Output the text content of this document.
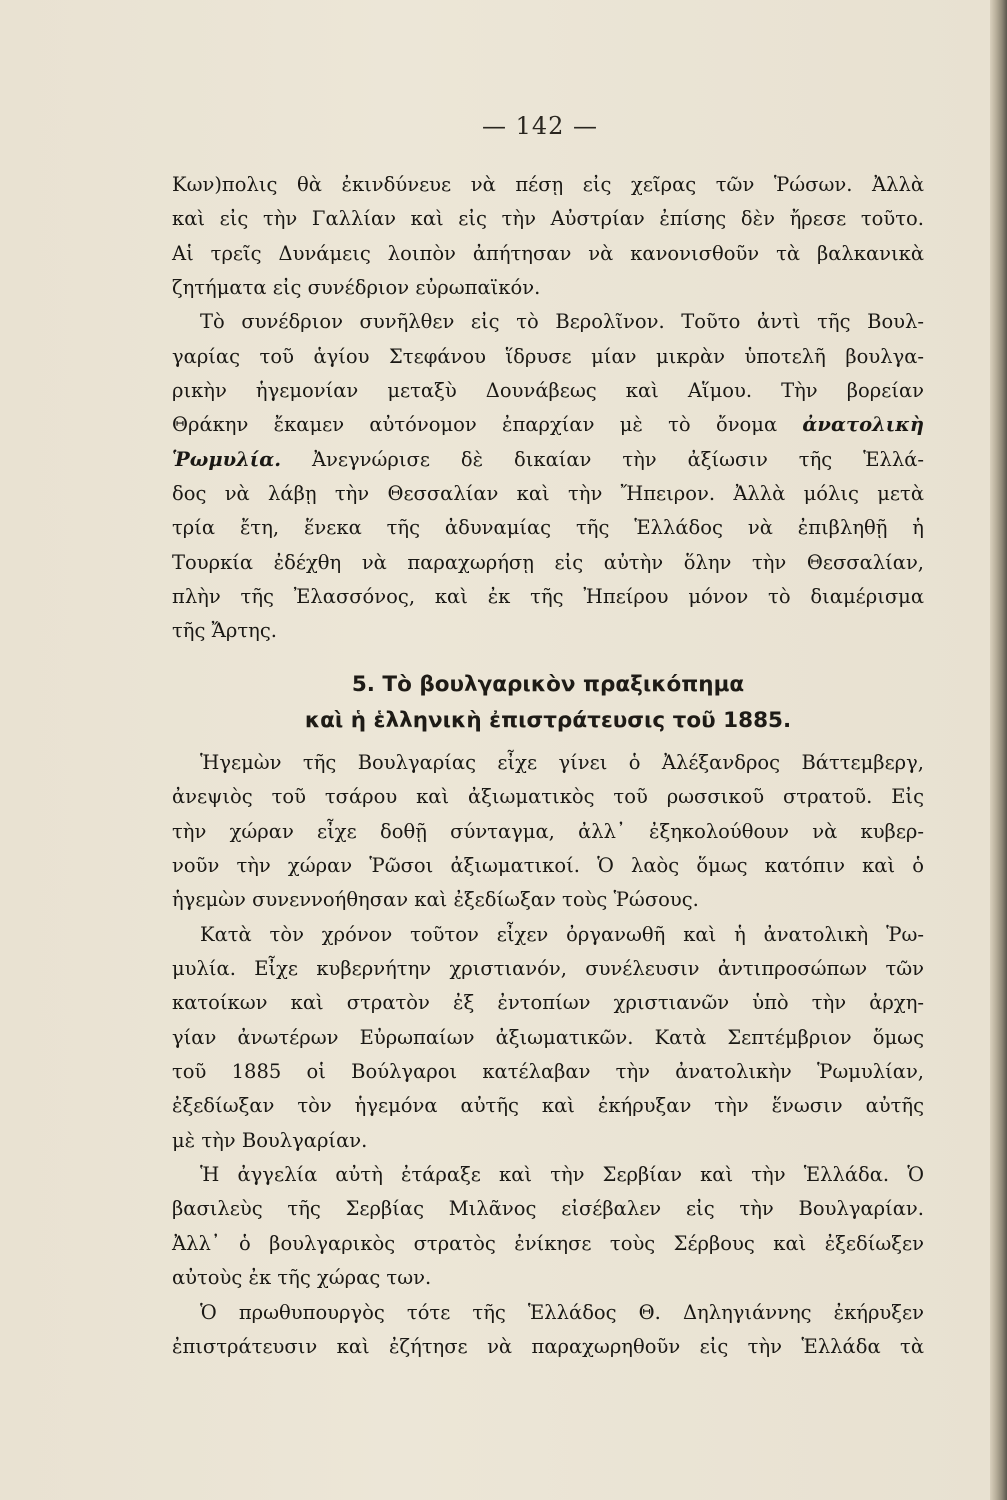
— 142 —

Κων)πολις θὰ ἐκινδύνευε νὰ πέσῃ εἰς χεῖρας τῶν Ῥώσων. Ἀλλὰ

καὶ εἰς τὴν Γαλλίαν καὶ εἰς τὴν Αὐστρίαν ἐπίσης δὲν ἤρεσε τοῦτο.

Αἱ τρεῖς Δυνάμεις λοιπὸν ἀπήτησαν νὰ κανονισθοῦν τὰ βαλκανικὰ

ζητήματα εἰς συνέδριον εὐρωπαϊκόν.

Τὸ συνέδριον συνῆλθεν εἰς τὸ Βερολῖνον. Τοῦτο ἀντὶ τῆς Βουλ-

γαρίας τοῦ ἁγίου Στεφάνου ἵδρυσε μίαν μικρὰν ὑποτελῆ βουλγα-

ρικὴν ἡγεμονίαν μεταξὺ Δουνάβεως καὶ Αἵμου. Τὴν βορείαν

Θράκην ἔκαμεν αὐτόνομον ἐπαρχίαν μὲ τὸ ὄνομα ἀνατολικὴ

Ῥωμυλία. Ἀνεγνώρισε δὲ δικαίαν τὴν ἀξίωσιν τῆς Ἑλλά-

δος νὰ λάβῃ τὴν Θεσσαλίαν καὶ τὴν Ἤπειρον. Ἀλλὰ μόλις μετὰ

τρία ἔτη, ἕνεκα τῆς ἀδυναμίας τῆς Ἑλλάδος νὰ ἐπιβληθῇ ἡ

Τουρκία ἐδέχθη νὰ παραχωρήσῃ εἰς αὐτὴν ὅλην τὴν Θεσσαλίαν,

πλὴν τῆς Ἐλασσόνος, καὶ ἐκ τῆς Ἠπείρου μόνον τὸ διαμέρισμα

τῆς Ἄρτης.

5. Τὸ βουλγαρικὸν πραξικόπημα
καὶ ἡ ἑλληνικὴ ἐπιστράτευσις τοῦ 1885.

Ἡγεμὼν τῆς Βουλγαρίας εἶχε γίνει ὁ Ἀλέξανδρος Βάττεμβεργ,

ἀνεψιὸς τοῦ τσάρου καὶ ἀξιωματικὸς τοῦ ρωσσικοῦ στρατοῦ. Εἰς

τὴν χώραν εἶχε δοθῇ σύνταγμα, ἀλλ᾽ ἐξηκολούθουν νὰ κυβερ-

νοῦν τὴν χώραν Ῥῶσοι ἀξιωματικοί. Ὁ λαὸς ὅμως κατόπιν καὶ ὁ

ἡγεμὼν συνεννοήθησαν καὶ ἐξεδίωξαν τοὺς Ῥώσους.

Κατὰ τὸν χρόνον τοῦτον εἶχεν ὀργανωθῆ καὶ ἡ ἀνατολικὴ Ῥω-

μυλία. Εἶχε κυβερνήτην χριστιανόν, συνέλευσιν ἀντιπροσώπων τῶν

κατοίκων καὶ στρατὸν ἐξ ἐντοπίων χριστιανῶν ὑπὸ τὴν ἀρχη-

γίαν ἀνωτέρων Εὐρωπαίων ἀξιωματικῶν. Κατὰ Σεπτέμβριον ὅμως

τοῦ 1885 οἱ Βούλγαροι κατέλαβαν τὴν ἀνατολικὴν Ῥωμυλίαν,

ἐξεδίωξαν τὸν ἡγεμόνα αὐτῆς καὶ ἐκήρυξαν τὴν ἕνωσιν αὐτῆς

μὲ τὴν Βουλγαρίαν.

Ἡ ἀγγελία αὐτὴ ἐτάραξε καὶ τὴν Σερβίαν καὶ τὴν Ἑλλάδα. Ὁ

βασιλεὺς τῆς Σερβίας Μιλᾶνος εἰσέβαλεν εἰς τὴν Βουλγαρίαν.

Ἀλλ᾽ ὁ βουλγαρικὸς στρατὸς ἐνίκησε τοὺς Σέρβους καὶ ἐξεδίωξεν

αὐτοὺς ἐκ τῆς χώρας των.

Ὁ πρωθυπουργὸς τότε τῆς Ἑλλάδος Θ. Δηληγιάννης ἐκήρυξεν

ἐπιστράτευσιν καὶ ἐζήτησε νὰ παραχωρηθοῦν εἰς τὴν Ἑλλάδα τὰ
